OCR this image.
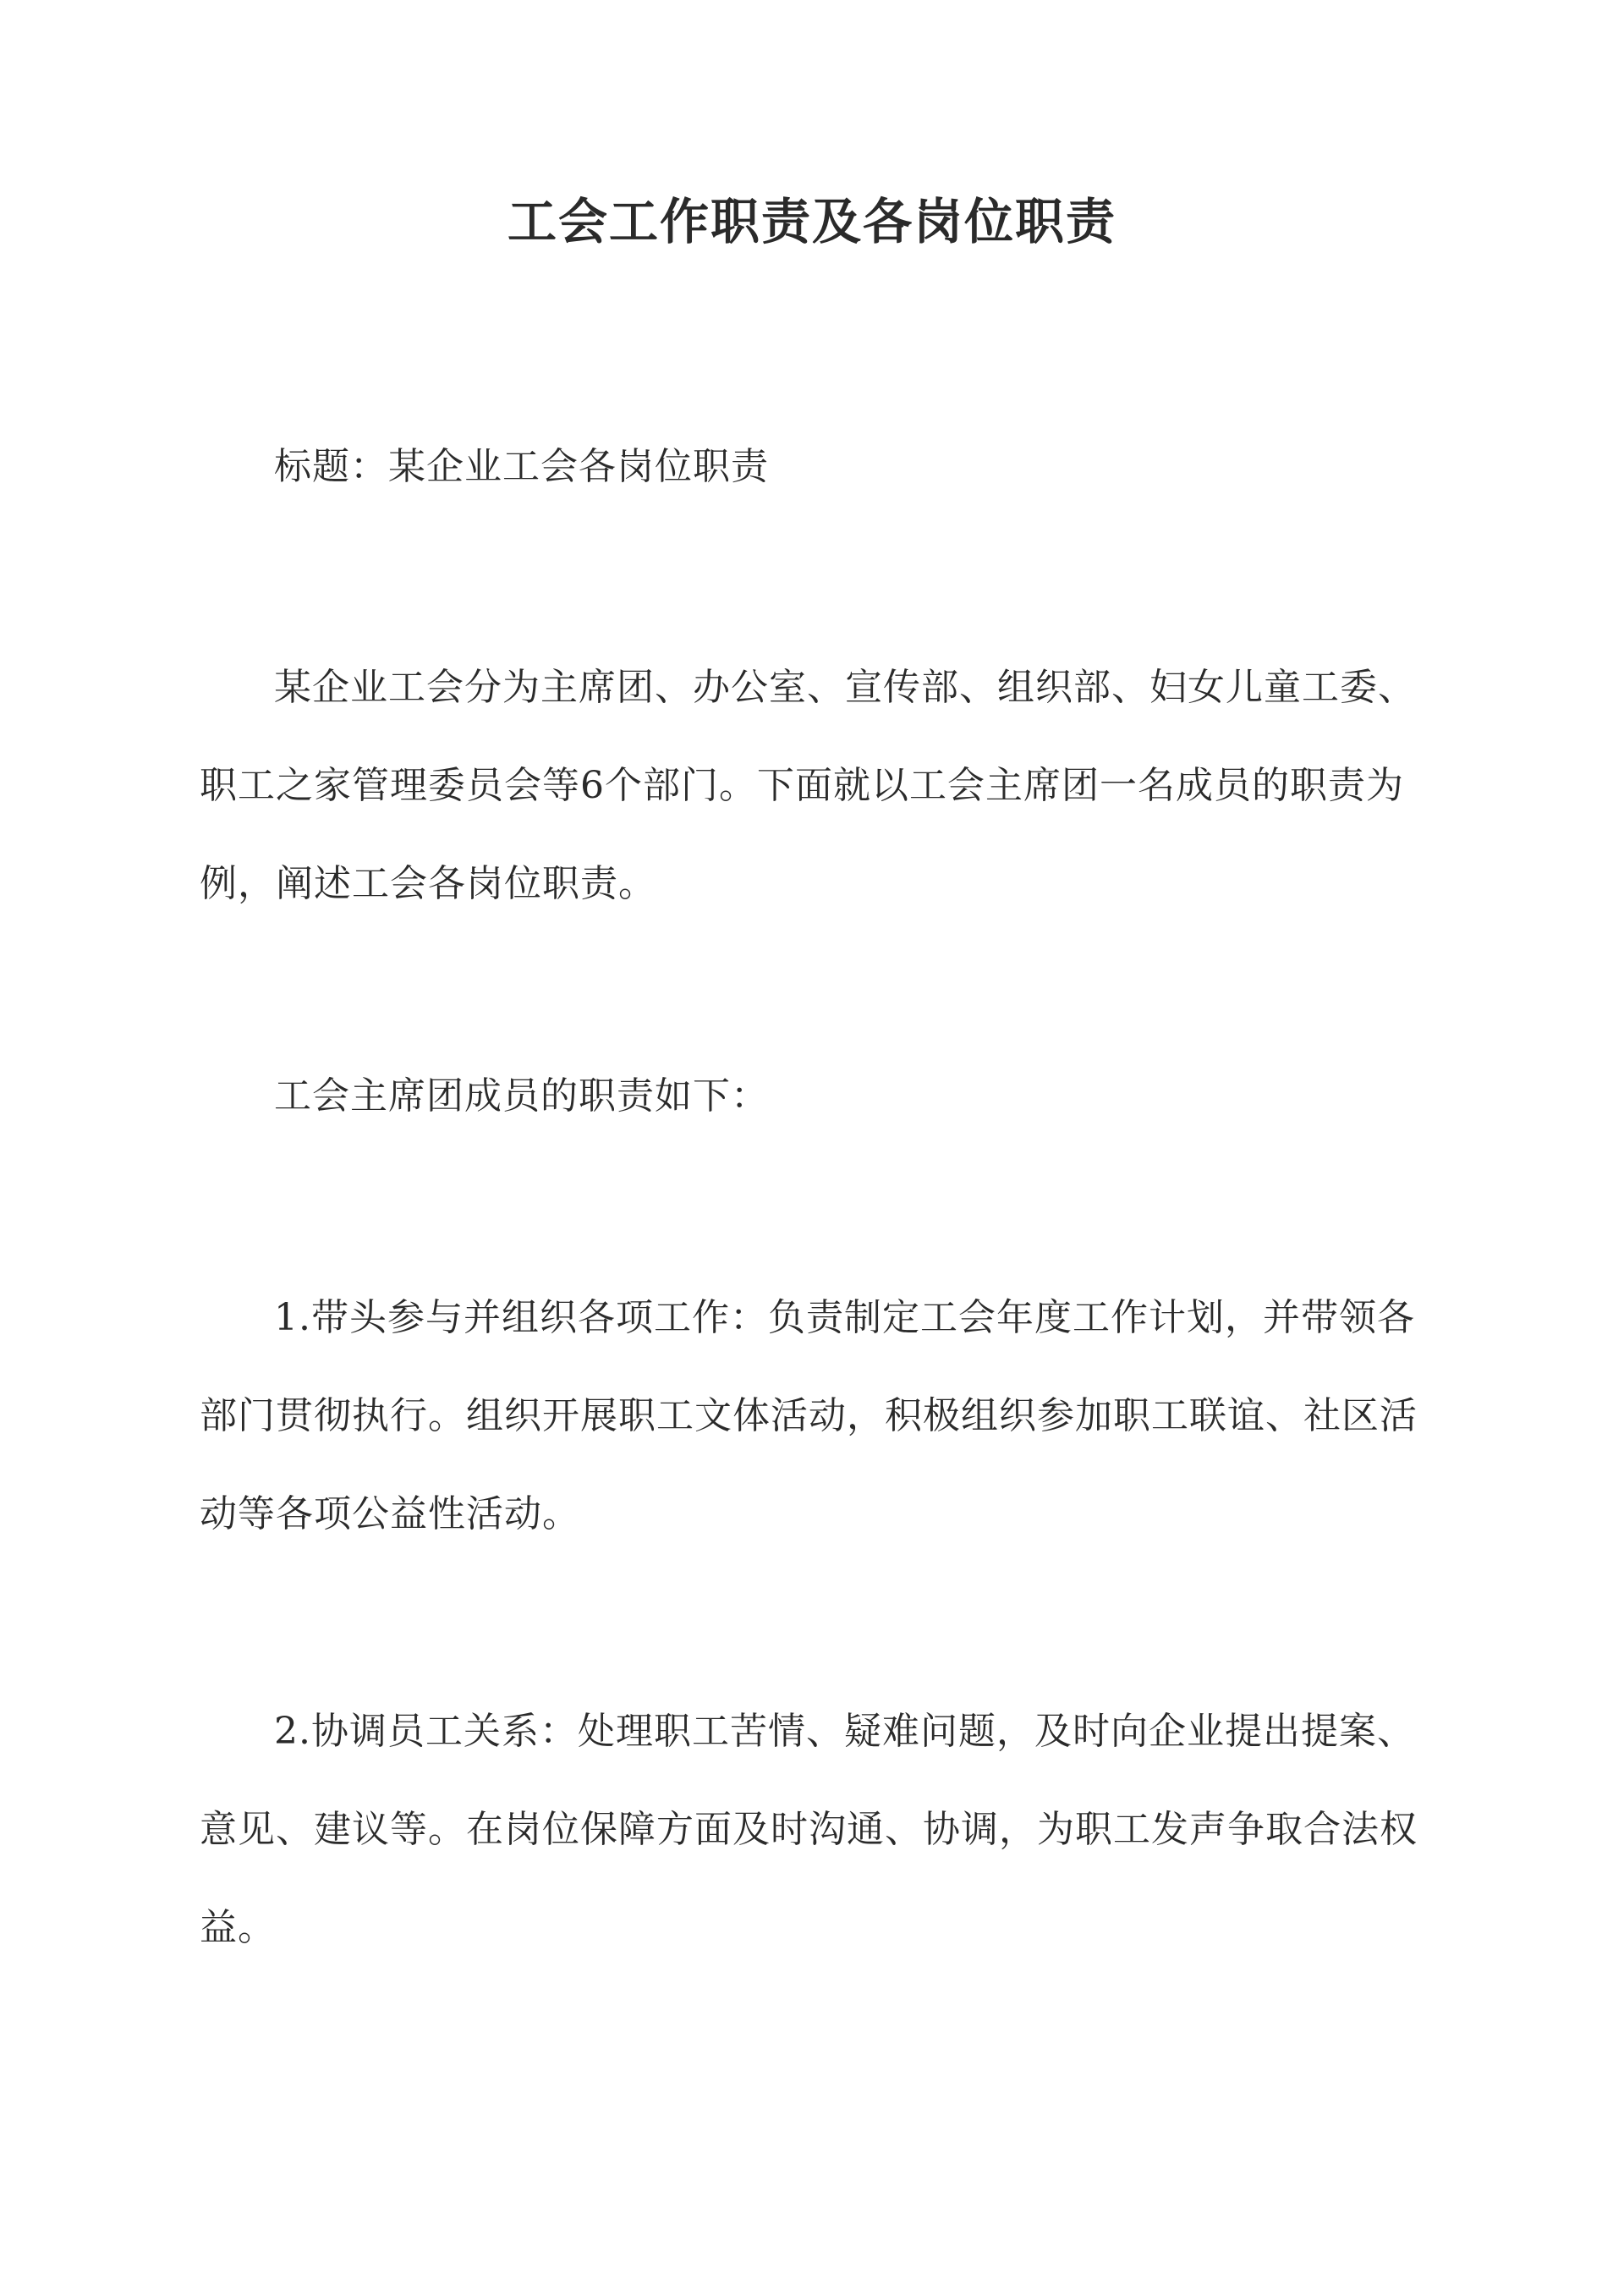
工会工作职责及各岗位职责

标题：某企业工会各岗位职责

某企业工会分为主席团、办公室、宣传部、组织部、妇女儿童工委、职工之家管理委员会等6个部门。下面就以工会主席团一名成员的职责为例，阐述工会各岗位职责。

工会主席团成员的职责如下：

1.带头参与并组织各项工作：负责制定工会年度工作计划，并带领各部门贯彻执行。组织开展职工文体活动，积极组织参加职工联谊、社区活动等各项公益性活动。

2.协调员工关系：处理职工苦情、疑难问题，及时向企业提出提案、意见、建议等。在岗位保障方面及时沟通、协调，为职工发声争取合法权益。
